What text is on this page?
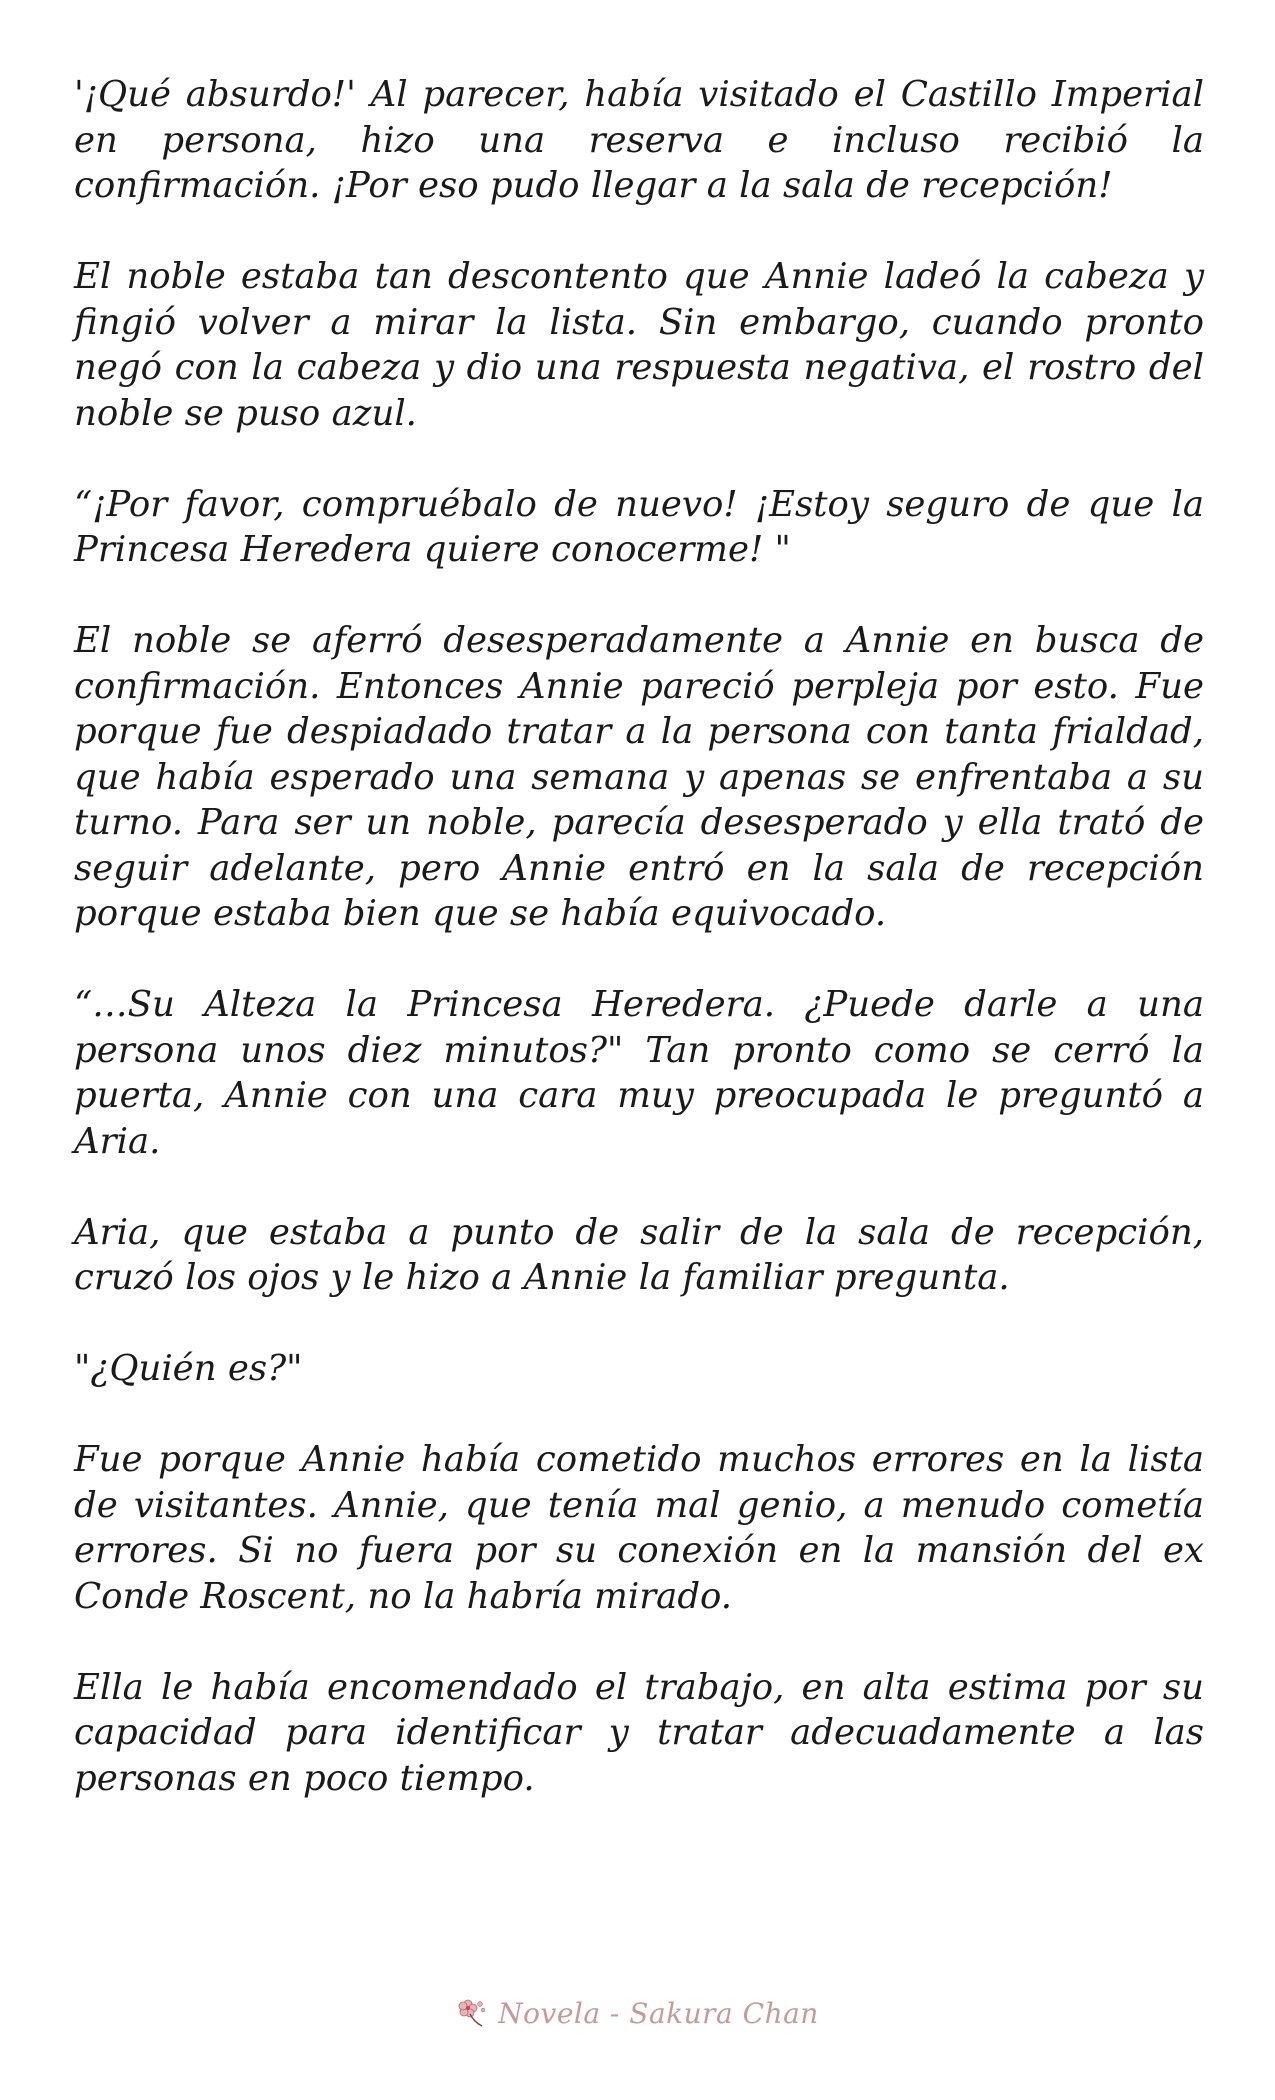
'¡Qué absurdo!' Al parecer, había visitado el Castillo Imperial en persona, hizo una reserva e incluso recibió la confirmación. ¡Por eso pudo llegar a la sala de recepción!

El noble estaba tan descontento que Annie ladeó la cabeza y fingió volver a mirar la lista. Sin embargo, cuando pronto negó con la cabeza y dio una respuesta negativa, el rostro del noble se puso azul.

“¡Por favor, compruébalo de nuevo! ¡Estoy seguro de que la Princesa Heredera quiere conocerme! "

El noble se aferró desesperadamente a Annie en busca de confirmación. Entonces Annie pareció perpleja por esto. Fue porque fue despiadado tratar a la persona con tanta frialdad, que había esperado una semana y apenas se enfrentaba a su turno. Para ser un noble, parecía desesperado y ella trató de seguir adelante, pero Annie entró en la sala de recepción porque estaba bien que se había equivocado.

“…Su Alteza la Princesa Heredera. ¿Puede darle a una persona unos diez minutos?" Tan pronto como se cerró la puerta, Annie con una cara muy preocupada le preguntó a Aria.

Aria, que estaba a punto de salir de la sala de recepción, cruzó los ojos y le hizo a Annie la familiar pregunta.

"¿Quién es?"

Fue porque Annie había cometido muchos errores en la lista de visitantes. Annie, que tenía mal genio, a menudo cometía errores. Si no fuera por su conexión en la mansión del ex Conde Roscent, no la habría mirado.

Ella le había encomendado el trabajo, en alta estima por su capacidad para identificar y tratar adecuadamente a las personas en poco tiempo.

Novela - Sakura Chan
